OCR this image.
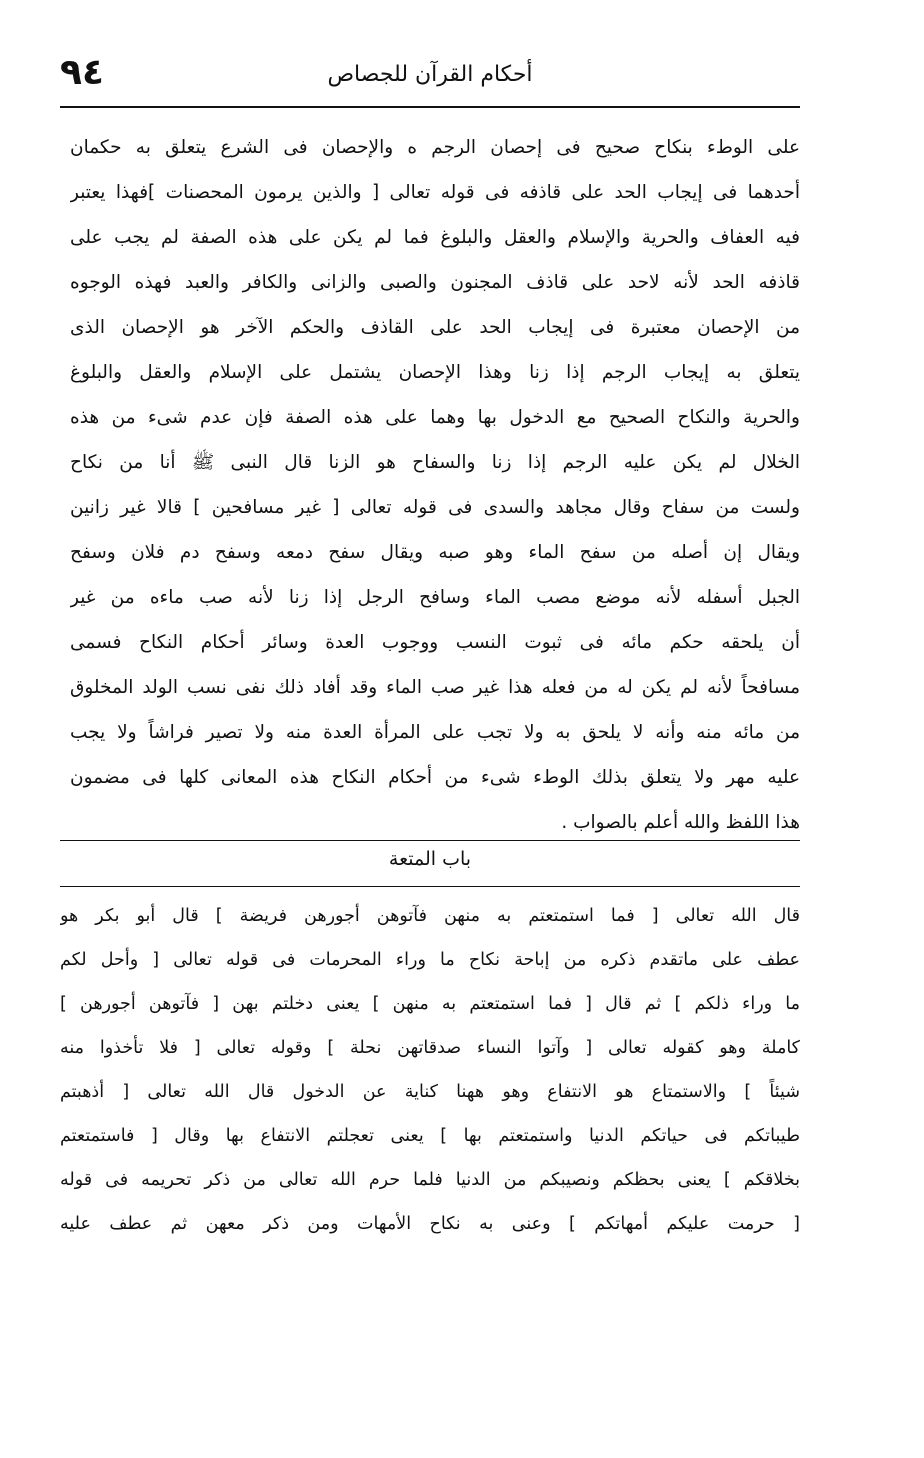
٩٤	أحكام القرآن للجصاص
على الوطء بنكاح صحيح فى إحصان الرجم ه والإحصان فى الشرع يتعلق به حكمان
أحدهما فى إيجاب الحد على قاذفه فى قوله تعالى [ والذين يرمون المحصنات ]فهذا يعتبر
فيه العفاف والحرية والإسلام والعقل والبلوغ فما لم يكن على هذه الصفة لم يجب على
قاذفه الحد لأنه لاحد على قاذف المجنون والصبى والزانى والكافر والعبد فهذه الوجوه
من الإحصان معتبرة فى إيجاب الحد على القاذف والحكم الآخر هو الإحصان الذى
يتعلق به إيجاب الرجم إذا زنا وهذا الإحصان يشتمل على الإسلام والعقل والبلوغ
والحرية والنكاح الصحيح مع الدخول بها وهما على هذه الصفة فإن عدم شىء من هذه
الخلال لم يكن عليه الرجم إذا زنا والسفاح هو الزنا قال النبى ﷺ أنا من نكاح
ولست من سفاح وقال مجاهد والسدى فى قوله تعالى [ غير مسافحين ] قالا غير زانين
ويقال إن أصله من سفح الماء وهو صبه ويقال سفح دمعه وسفح دم فلان وسفح
الجبل أسفله لأنه موضع مصب الماء وسافح الرجل إذا زنا لأنه صب ماءه من غير
أن يلحقه حكم مائه فى ثبوت النسب ووجوب العدة وسائر أحكام النكاح فسمى
مسافحاً لأنه لم يكن له من فعله هذا غير صب الماء وقد أفاد ذلك نفى نسب الولد المخلوق
من مائه منه وأنه لا يلحق به ولا تجب على المرأة العدة منه ولا تصير فراشاً ولا يجب
عليه مهر ولا يتعلق بذلك الوطء شىء من أحكام النكاح هذه المعانى كلها فى مضمون
هذا اللفظ والله أعلم بالصواب .
باب المتعة
قال الله تعالى [ فما استمتعتم به منهن فآتوهن أجورهن فريضة ] قال أبو بكر هو
عطف على ماتقدم ذكره من إباحة نكاح ما وراء المحرمات فى قوله تعالى [ وأحل لكم
ما وراء ذلكم ] ثم قال [ فما استمتعتم به منهن ] يعنى دخلتم بهن [ فآتوهن أجورهن ]
كاملة وهو كقوله تعالى [ وآتوا النساء صدقاتهن نحلة ] وقوله تعالى [ فلا تأخذوا منه
شيئاً ] والاستمتاع هو الانتفاع وهو ههنا كناية عن الدخول قال الله تعالى [ أذهبتم
طيباتكم فى حياتكم الدنيا واستمتعتم بها ] يعنى تعجلتم الانتفاع بها وقال [ فاستمتعتم
بخلاقكم ] يعنى بحظكم ونصيبكم من الدنيا فلما حرم الله تعالى من ذكر تحريمه فى قوله
[ حرمت عليكم أمهاتكم ] وعنى به نكاح الأمهات ومن ذكر معهن ثم عطف عليه
